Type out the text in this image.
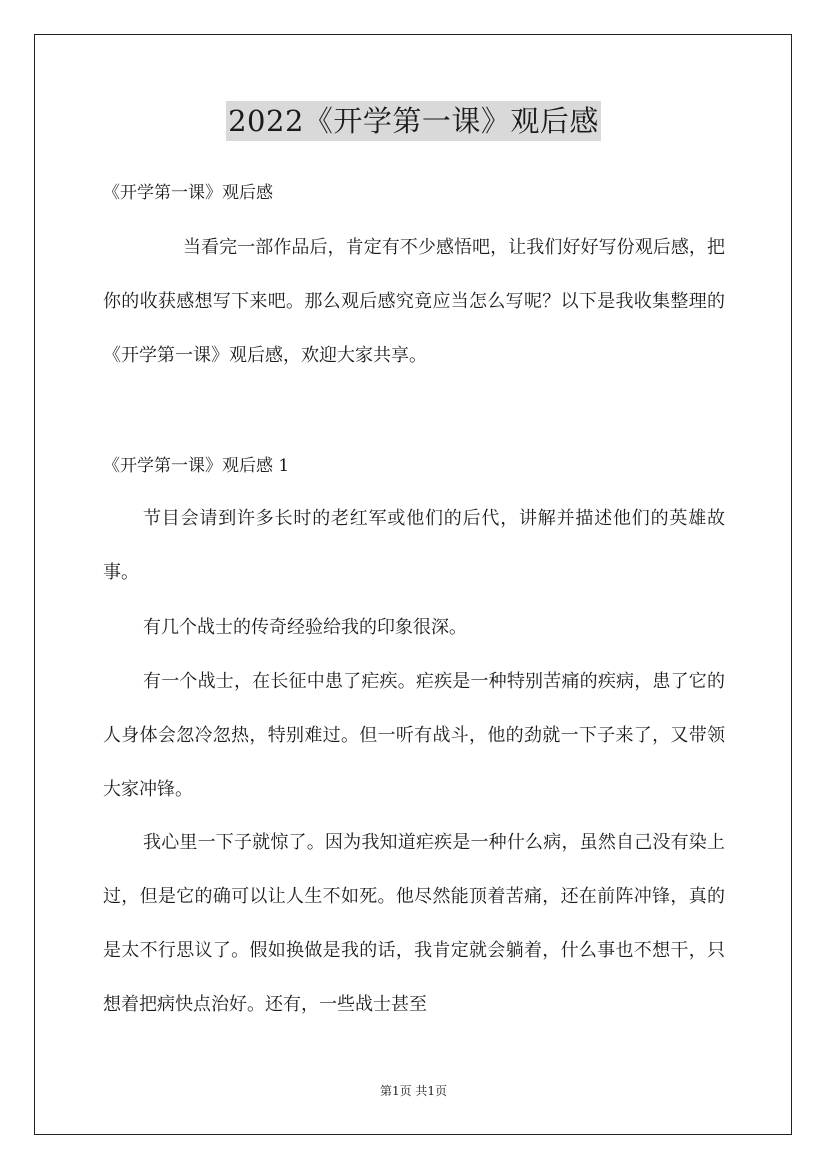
2022《开学第一课》观后感

《开学第一课》观后感

当看完一部作品后，肯定有不少感悟吧，让我们好好写份观后感，把你的收获感想写下来吧。那么观后感究竟应当怎么写呢？以下是我收集整理的《开学第一课》观后感，欢迎大家共享。

《开学第一课》观后感 1

节目会请到许多长时的老红军或他们的后代，讲解并描述他们的英雄故事。

有几个战士的传奇经验给我的印象很深。

有一个战士，在长征中患了疟疾。疟疾是一种特别苦痛的疾病，患了它的人身体会忽冷忽热，特别难过。但一听有战斗，他的劲就一下子来了，又带领大家冲锋。

我心里一下子就惊了。因为我知道疟疾是一种什么病，虽然自己没有染上过，但是它的确可以让人生不如死。他尽然能顶着苦痛，还在前阵冲锋，真的是太不行思议了。假如换做是我的话，我肯定就会躺着，什么事也不想干，只想着把病快点治好。还有，一些战士甚至

第1页 共1页
